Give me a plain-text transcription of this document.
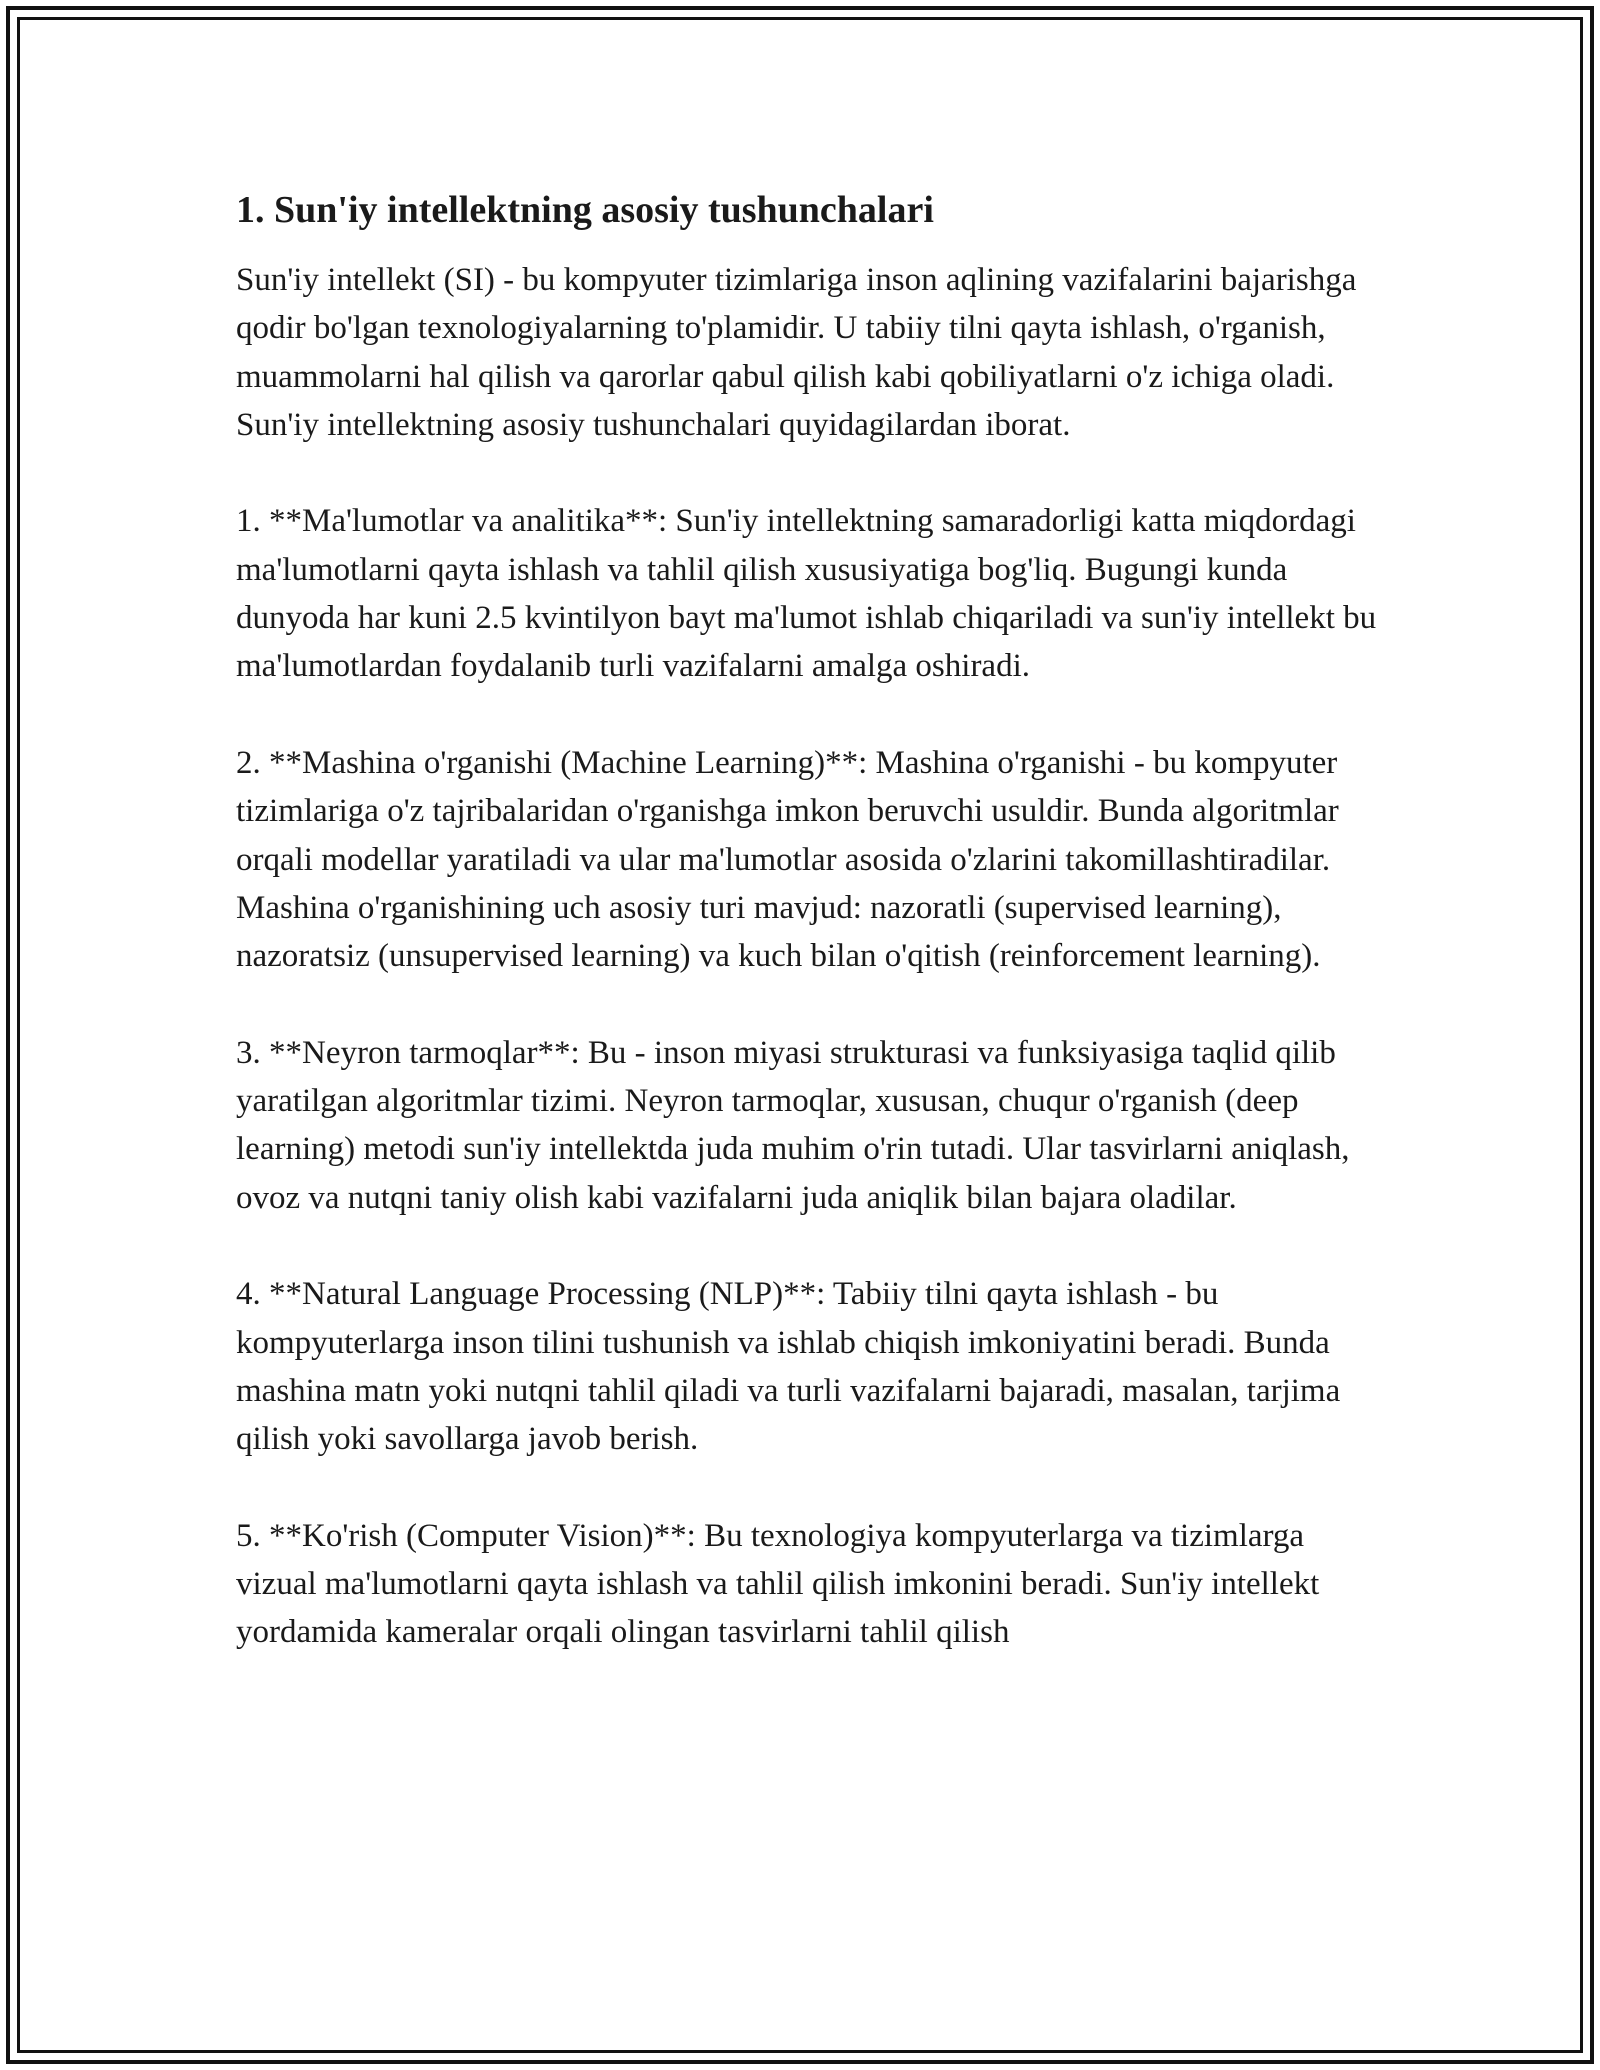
1. Sun'iy intellektning asosiy tushunchalari

Sun'iy intellekt (SI) - bu kompyuter tizimlariga inson aqlining vazifalarini bajarishga qodir bo'lgan texnologiyalarning to'plamidir. U tabiiy tilni qayta ishlash, o'rganish, muammolarni hal qilish va qarorlar qabul qilish kabi qobiliyatlarni o'z ichiga oladi. Sun'iy intellektning asosiy tushunchalari quyidagilardan iborat.

1. **Ma'lumotlar va analitika**: Sun'iy intellektning samaradorligi katta miqdordagi ma'lumotlarni qayta ishlash va tahlil qilish xususiyatiga bog'liq. Bugungi kunda dunyoda har kuni 2.5 kvintilyon bayt ma'lumot ishlab chiqariladi va sun'iy intellekt bu ma'lumotlardan foydalanib turli vazifalarni amalga oshiradi.

2. **Mashina o'rganishi (Machine Learning)**: Mashina o'rganishi - bu kompyuter tizimlariga o'z tajribalaridan o'rganishga imkon beruvchi usuldir. Bunda algoritmlar orqali modellar yaratiladi va ular ma'lumotlar asosida o'zlarini takomillashtiradilar. Mashina o'rganishining uch asosiy turi mavjud: nazoratli (supervised learning), nazoratsiz (unsupervised learning) va kuch bilan o'qitish (reinforcement learning).

3. **Neyron tarmoqlar**: Bu - inson miyasi strukturasi va funksiyasiga taqlid qilib yaratilgan algoritmlar tizimi. Neyron tarmoqlar, xususan, chuqur o'rganish (deep learning) metodi sun'iy intellektda juda muhim o'rin tutadi. Ular tasvirlarni aniqlash, ovoz va nutqni taniy olish kabi vazifalarni juda aniqlik bilan bajara oladilar.

4. **Natural Language Processing (NLP)**: Tabiiy tilni qayta ishlash - bu kompyuterlarga inson tilini tushunish va ishlab chiqish imkoniyatini beradi. Bunda mashina matn yoki nutqni tahlil qiladi va turli vazifalarni bajaradi, masalan, tarjima qilish yoki savollarga javob berish.

5. **Ko'rish (Computer Vision)**: Bu texnologiya kompyuterlarga va tizimlarga vizual ma'lumotlarni qayta ishlash va tahlil qilish imkonini beradi. Sun'iy intellekt yordamida kameralar orqali olingan tasvirlarni tahlil qilish
